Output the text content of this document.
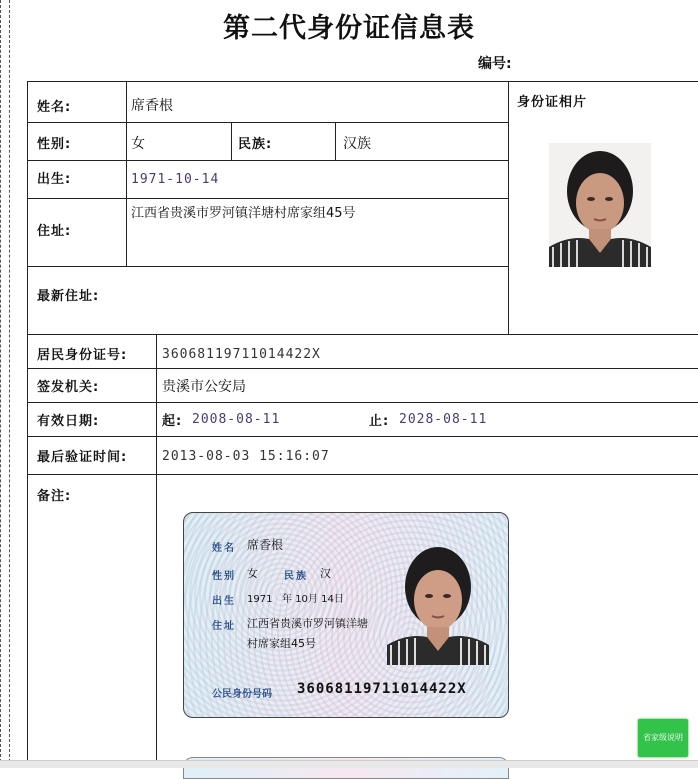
第二代身份证信息表
编号:
姓名:	席香根
性别:	女	民族:	汉族
出生:	1971-10-14
住址:
江西省贵溪市罗河镇洋塘村席家组45号
最新住址:
身份证相片
居民身份证号:	36068119711014422X
签发机关:	贵溪市公安局
有效日期:	起: 2008-08-11	止: 2028-08-11
最后验证时间:	2013-08-03 15:16:07
备注:
姓名 席香根
性别 女	民族 汉
出生 1971 年 10月 14日
住址 江西省贵溪市罗河镇洋塘
村席家组45号
公民身份号码 36068119711014422X
省家级说明
